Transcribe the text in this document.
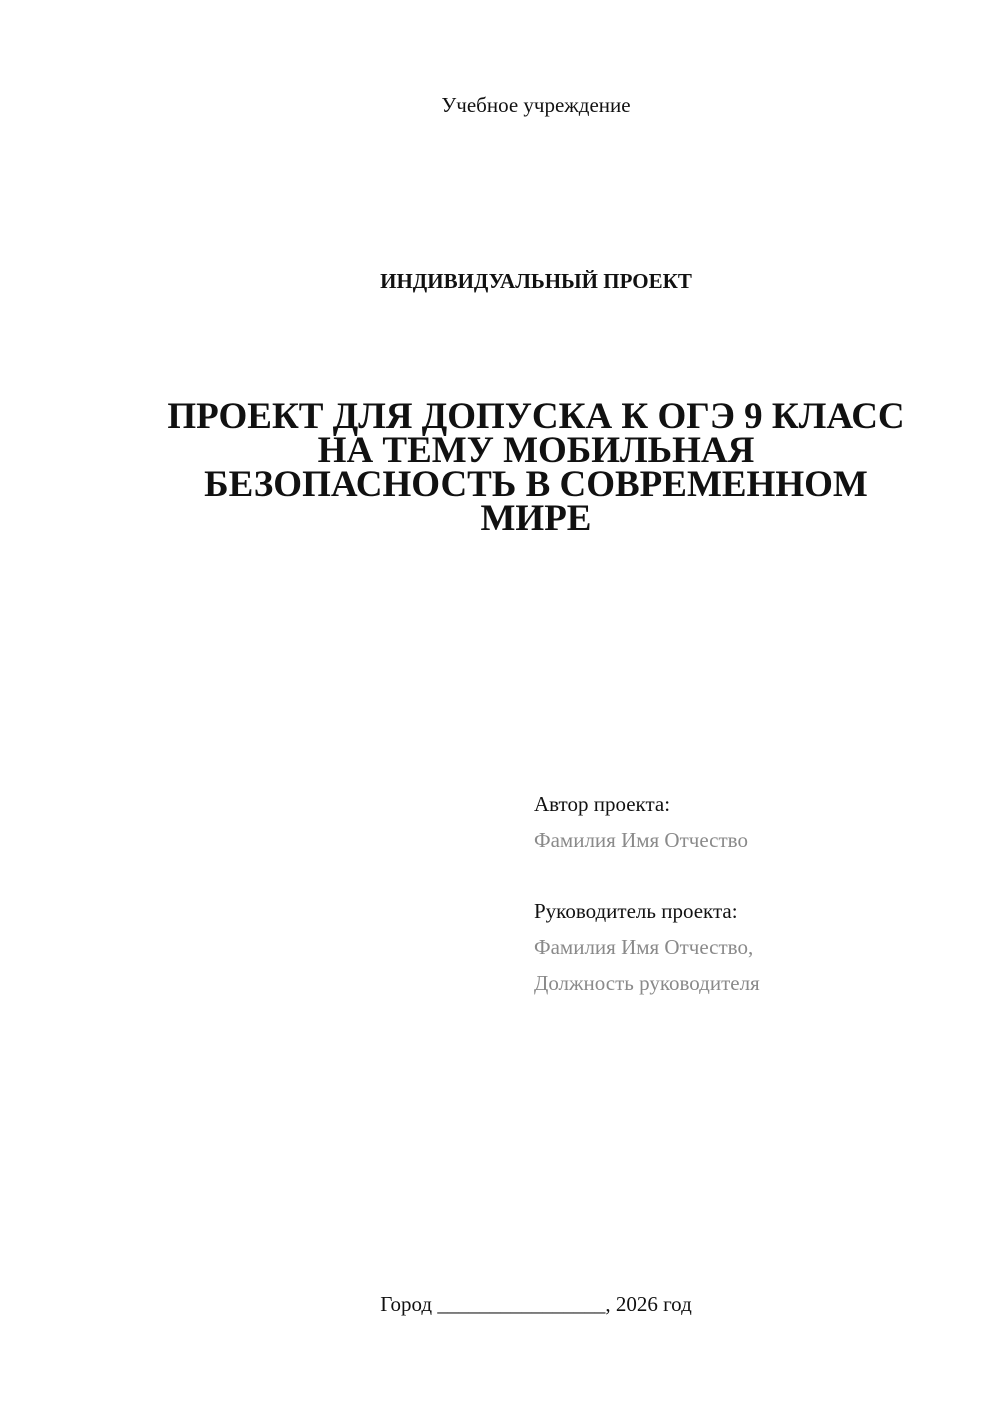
Учебное учреждение
ИНДИВИДУАЛЬНЫЙ ПРОЕКТ
ПРОЕКТ ДЛЯ ДОПУСКА К ОГЭ 9 КЛАСС
НА ТЕМУ МОБИЛЬНАЯ
БЕЗОПАСНОСТЬ В СОВРЕМЕННОМ
МИРЕ
Автор проекта:
Фамилия Имя Отчество
Руководитель проекта:
Фамилия Имя Отчество,
Должность руководителя
Город ________________, 2026 год
